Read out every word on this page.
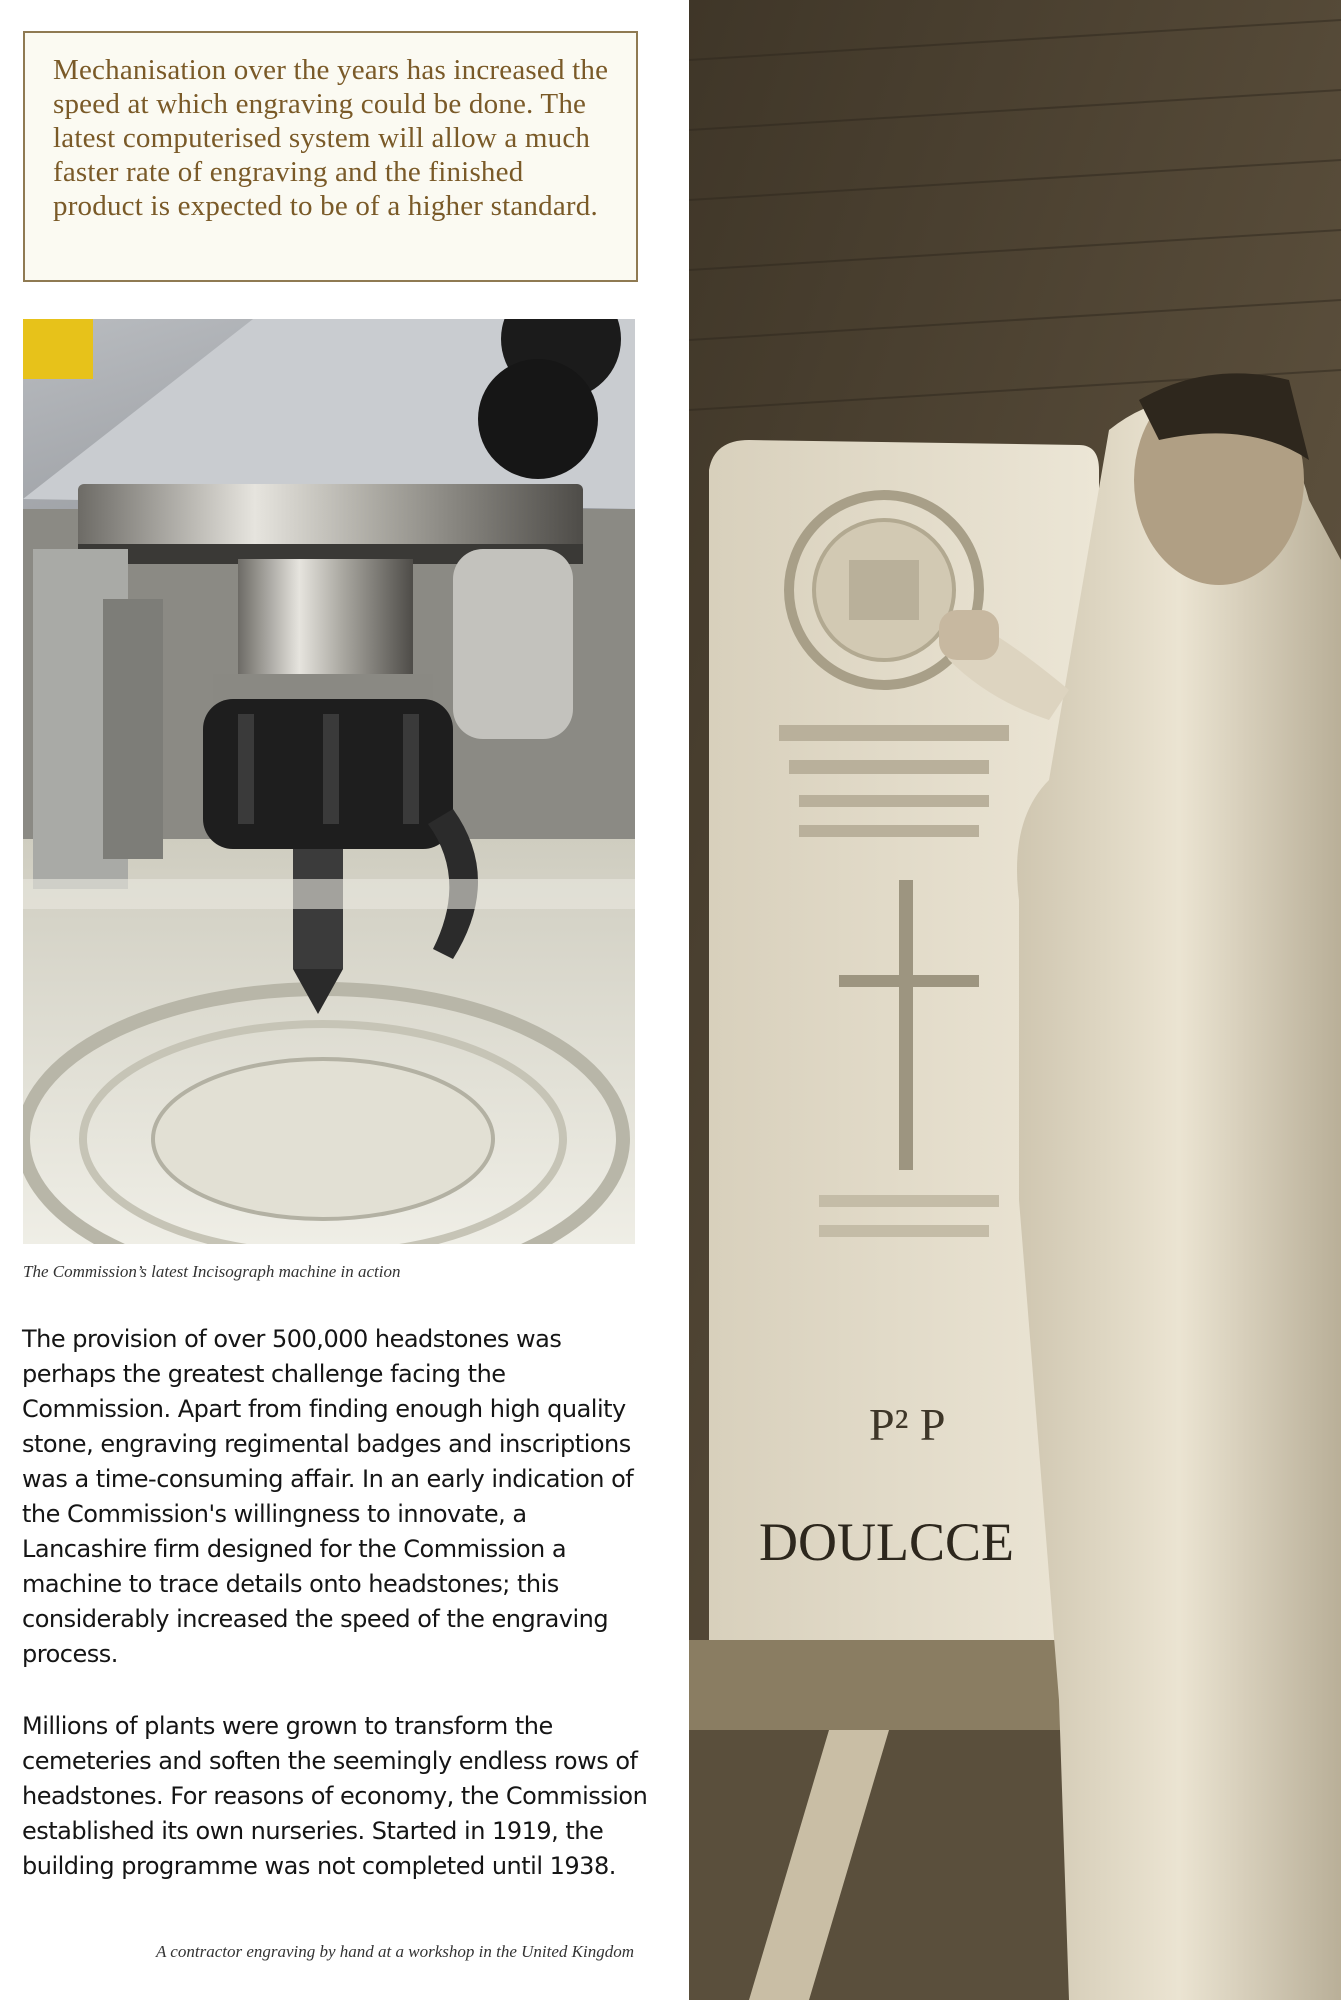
Mechanisation over the years has increased the speed at which engraving could be done. The latest computerised system will allow a much faster rate of engraving and the finished product is expected to be of a higher standard.

The Commission’s latest Incisograph machine in action

The provision of over 500,000 headstones was perhaps the greatest challenge facing the Commission. Apart from finding enough high quality stone, engraving regimental badges and inscriptions was a time-consuming affair. In an early indication of the Commission's willingness to innovate, a Lancashire firm designed for the Commission a machine to trace details onto headstones; this considerably increased the speed of the engraving process.

Millions of plants were grown to transform the cemeteries and soften the seemingly endless rows of headstones. For reasons of economy, the Commission established its own nurseries. Started in 1919, the building programme was not completed until 1938.

A contractor engraving by hand at a workshop in the United Kingdom

P² P
DOULCCE
